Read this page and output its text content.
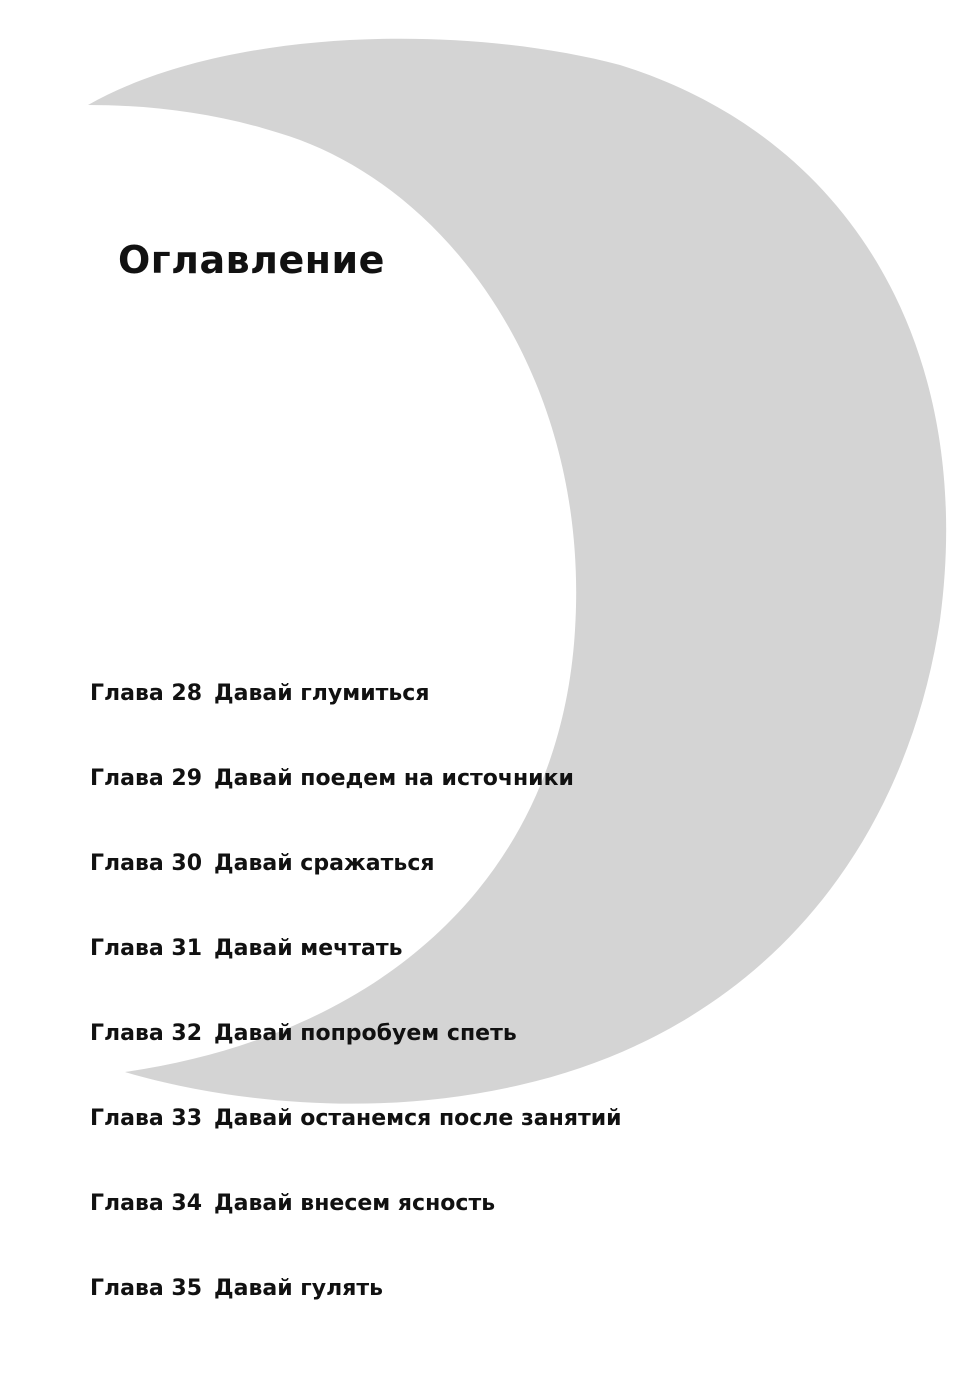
Оглавление
Глава 28 Давай глумиться
Глава 29 Давай поедем на источники
Глава 30 Давай сражаться
Глава 31 Давай мечтать
Глава 32 Давай попробуем спеть
Глава 33 Давай останемся после занятий
Глава 34 Давай внесем ясность
Глава 35 Давай гулять
